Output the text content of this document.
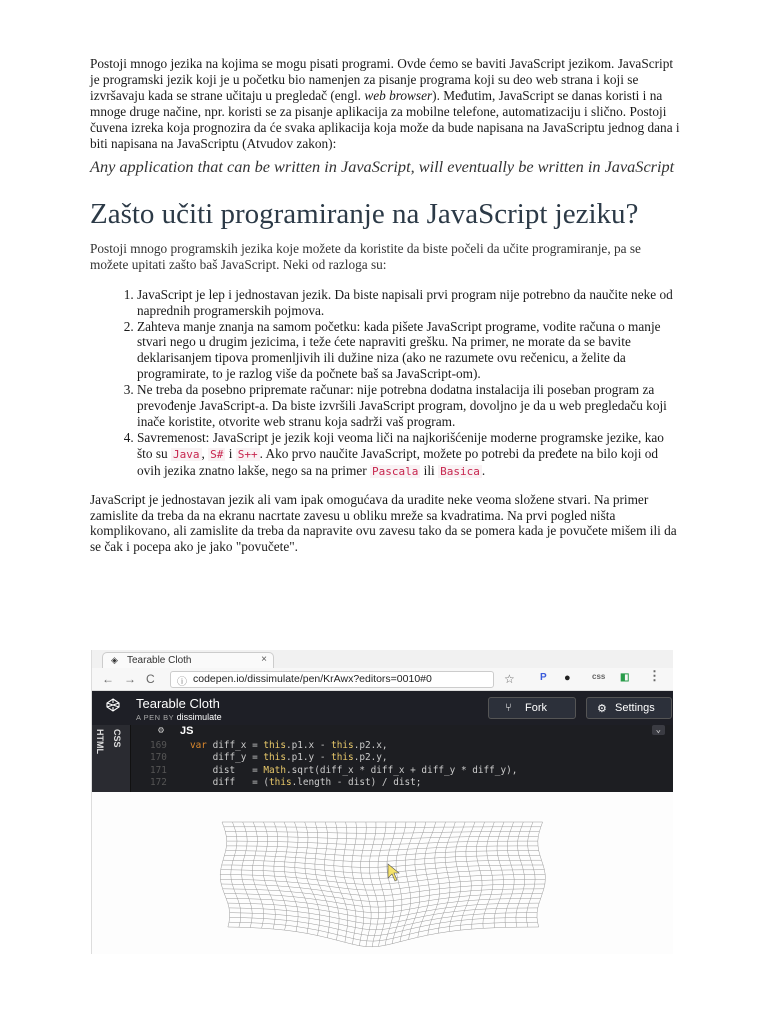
Postoji mnogo jezika na kojima se mogu pisati programi. Ovde ćemo se baviti JavaScript jezikom. JavaScript je programski jezik koji je u početku bio namenjen za pisanje programa koji su deo web strana i koji se izvršavaju kada se strane učitaju u pregledač (engl. web browser). Međutim, JavaScript se danas koristi i na mnoge druge načine, npr. koristi se za pisanje aplikacija za mobilne telefone, automatizaciju i slično. Postoji čuvena izreka koja prognozira da će svaka aplikacija koja može da bude napisana na JavaScriptu jednog dana i biti napisana na JavaScriptu (Atvudov zakon):

Any application that can be written in JavaScript, will eventually be written in JavaScript

Zašto učiti programiranje na JavaScript jeziku?

Postoji mnogo programskih jezika koje možete da koristite da biste počeli da učite programiranje, pa se možete upitati zašto baš JavaScript. Neki od razloga su:

1. JavaScript je lep i jednostavan jezik. Da biste napisali prvi program nije potrebno da naučite neke od naprednih programerskih pojmova.
2. Zahteva manje znanja na samom početku: kada pišete JavaScript programe, vodite računa o manje stvari nego u drugim jezicima, i teže ćete napraviti grešku. Na primer, ne morate da se bavite deklarisanjem tipova promenljivih ili dužine niza (ako ne razumete ovu rečenicu, a želite da programirate, to je razlog više da počnete baš sa JavaScript-om).
3. Ne treba da posebno pripremate računar: nije potrebna dodatna instalacija ili poseban program za prevođenje JavaScript-a. Da biste izvršili JavaScript program, dovoljno je da u web pregledaču koji inače koristite, otvorite web stranu koja sadrži vaš program.
4. Savremenost: JavaScript je jezik koji veoma liči na najkorišćenije moderne programske jezike, kao što su Java , S# i S++ . Ako prvo naučite JavaScript, možete po potrebi da pređete na bilo koji od ovih jezika znatno lakše, nego sa na primer Pascala ili Basica .

JavaScript je jednostavan jezik ali vam ipak omogućava da uradite neke veoma složene stvari. Na primer zamislite da treba da na ekranu nacrtate zavesu u obliku mreže sa kvadratima. Na prvi pogled ništa komplikovano, ali zamislite da treba da napravite ovu zavesu tako da se pomera kada je povučete mišem ili da se čak i pocepa ako je jako "povučete".

◈ Tearable Cloth	×
← → C ⓘ codepen.io/dissimulate/pen/KrAwx?editors=0010#0	☆	P ●	css ◧ ⋮
Tearable Cloth
A PEN BY dissimulate
⑂ Fork	⚙ Settings
CSS
HTML	⚙ JS	⌄
169 var diff_x = this.p1.x - this.p2.x,
170	diff_y = this.p1.y - this.p2.y,
171	dist   = Math.sqrt(diff_x * diff_x + diff_y * diff_y),
172	diff   = (this.length - dist) / dist;
